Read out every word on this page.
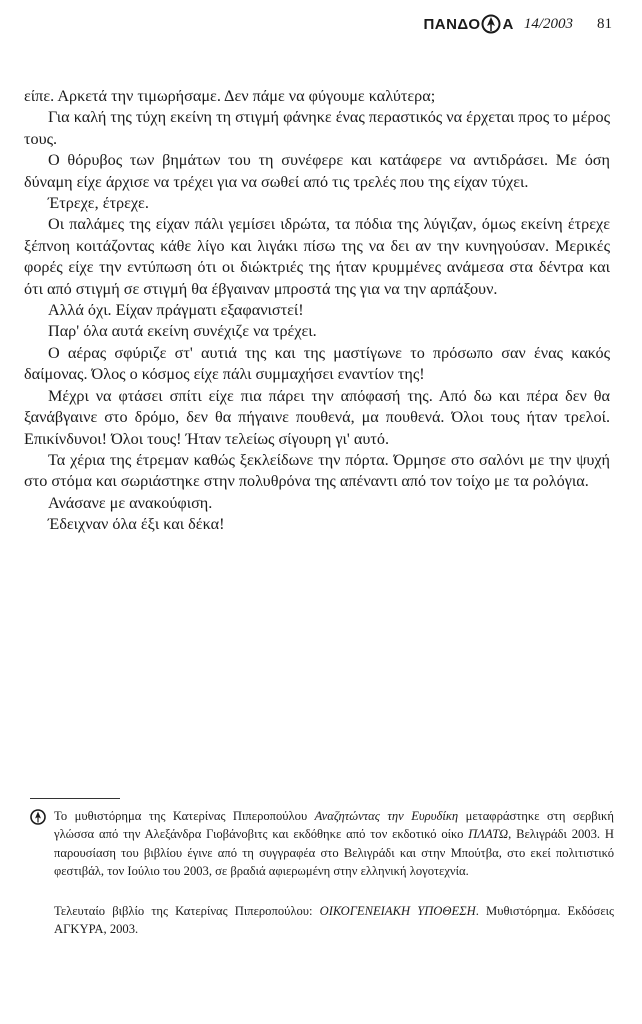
ΠΑΝΔΟ Α 14/2003 81

είπε. Αρκετά την τιμωρήσαμε. Δεν πάμε να φύγουμε καλύτερα;

Για καλή της τύχη εκείνη τη στιγμή φάνηκε ένας περαστικός να έρχεται προς το μέρος τους.

Ο θόρυβος των βημάτων του τη συνέφερε και κατάφερε να αντιδράσει. Με όση δύναμη είχε άρχισε να τρέχει για να σωθεί από τις τρελές που της είχαν τύχει.

Έτρεχε, έτρεχε.

Οι παλάμες της είχαν πάλι γεμίσει ιδρώτα, τα πόδια της λύγιζαν, όμως εκείνη έτρεχε ξέπνοη κοιτάζοντας κάθε λίγο και λιγάκι πίσω της να δει αν την κυνηγούσαν. Μερικές φορές είχε την εντύπωση ότι οι διώκτριές της ήταν κρυμμένες ανάμεσα στα δέντρα και ότι από στιγμή σε στιγμή θα έβγαιναν μπροστά της για να την αρπάξουν.

Αλλά όχι. Είχαν πράγματι εξαφανιστεί!

Παρ' όλα αυτά εκείνη συνέχιζε να τρέχει.

Ο αέρας σφύριζε στ' αυτιά της και της μαστίγωνε το πρόσωπο σαν ένας κακός δαίμονας. Όλος ο κόσμος είχε πάλι συμμαχήσει εναντίον της!

Μέχρι να φτάσει σπίτι είχε πια πάρει την απόφασή της. Από δω και πέρα δεν θα ξανάβγαινε στο δρόμο, δεν θα πήγαινε πουθενά, μα πουθενά. Όλοι τους ήταν τρελοί. Επικίνδυνοι! Όλοι τους! Ήταν τελείως σίγουρη γι' αυτό.

Τα χέρια της έτρεμαν καθώς ξεκλείδωνε την πόρτα. Όρμησε στο σαλόνι με την ψυχή στο στόμα και σωριάστηκε στην πολυθρόνα της απέναντι από τον τοίχο με τα ρολόγια.

Ανάσανε με ανακούφιση.

Έδειχναν όλα έξι και δέκα!

Το μυθιστόρημα της Κατερίνας Πιπεροπούλου Αναζητώντας την Ευρυδίκη μεταφράστηκε στη σερβική γλώσσα από την Αλεξάνδρα Γιοβάνοβιτς και εκδόθηκε από τον εκδοτικό οίκο ΠΛΑΤΩ, Βελιγράδι 2003. Η παρουσίαση του βιβλίου έγινε από τη συγγραφέα στο Βελιγράδι και στην Μπούτβα, στο εκεί πολιτιστικό φεστιβάλ, τον Ιούλιο του 2003, σε βραδιά αφιερωμένη στην ελληνική λογοτεχνία.

Τελευταίο βιβλίο της Κατερίνας Πιπεροπούλου: ΟΙΚΟΓΕΝΕΙΑΚΗ ΥΠΟΘΕΣΗ. Μυθιστόρημα. Εκδόσεις ΑΓΚΥΡΑ, 2003.
